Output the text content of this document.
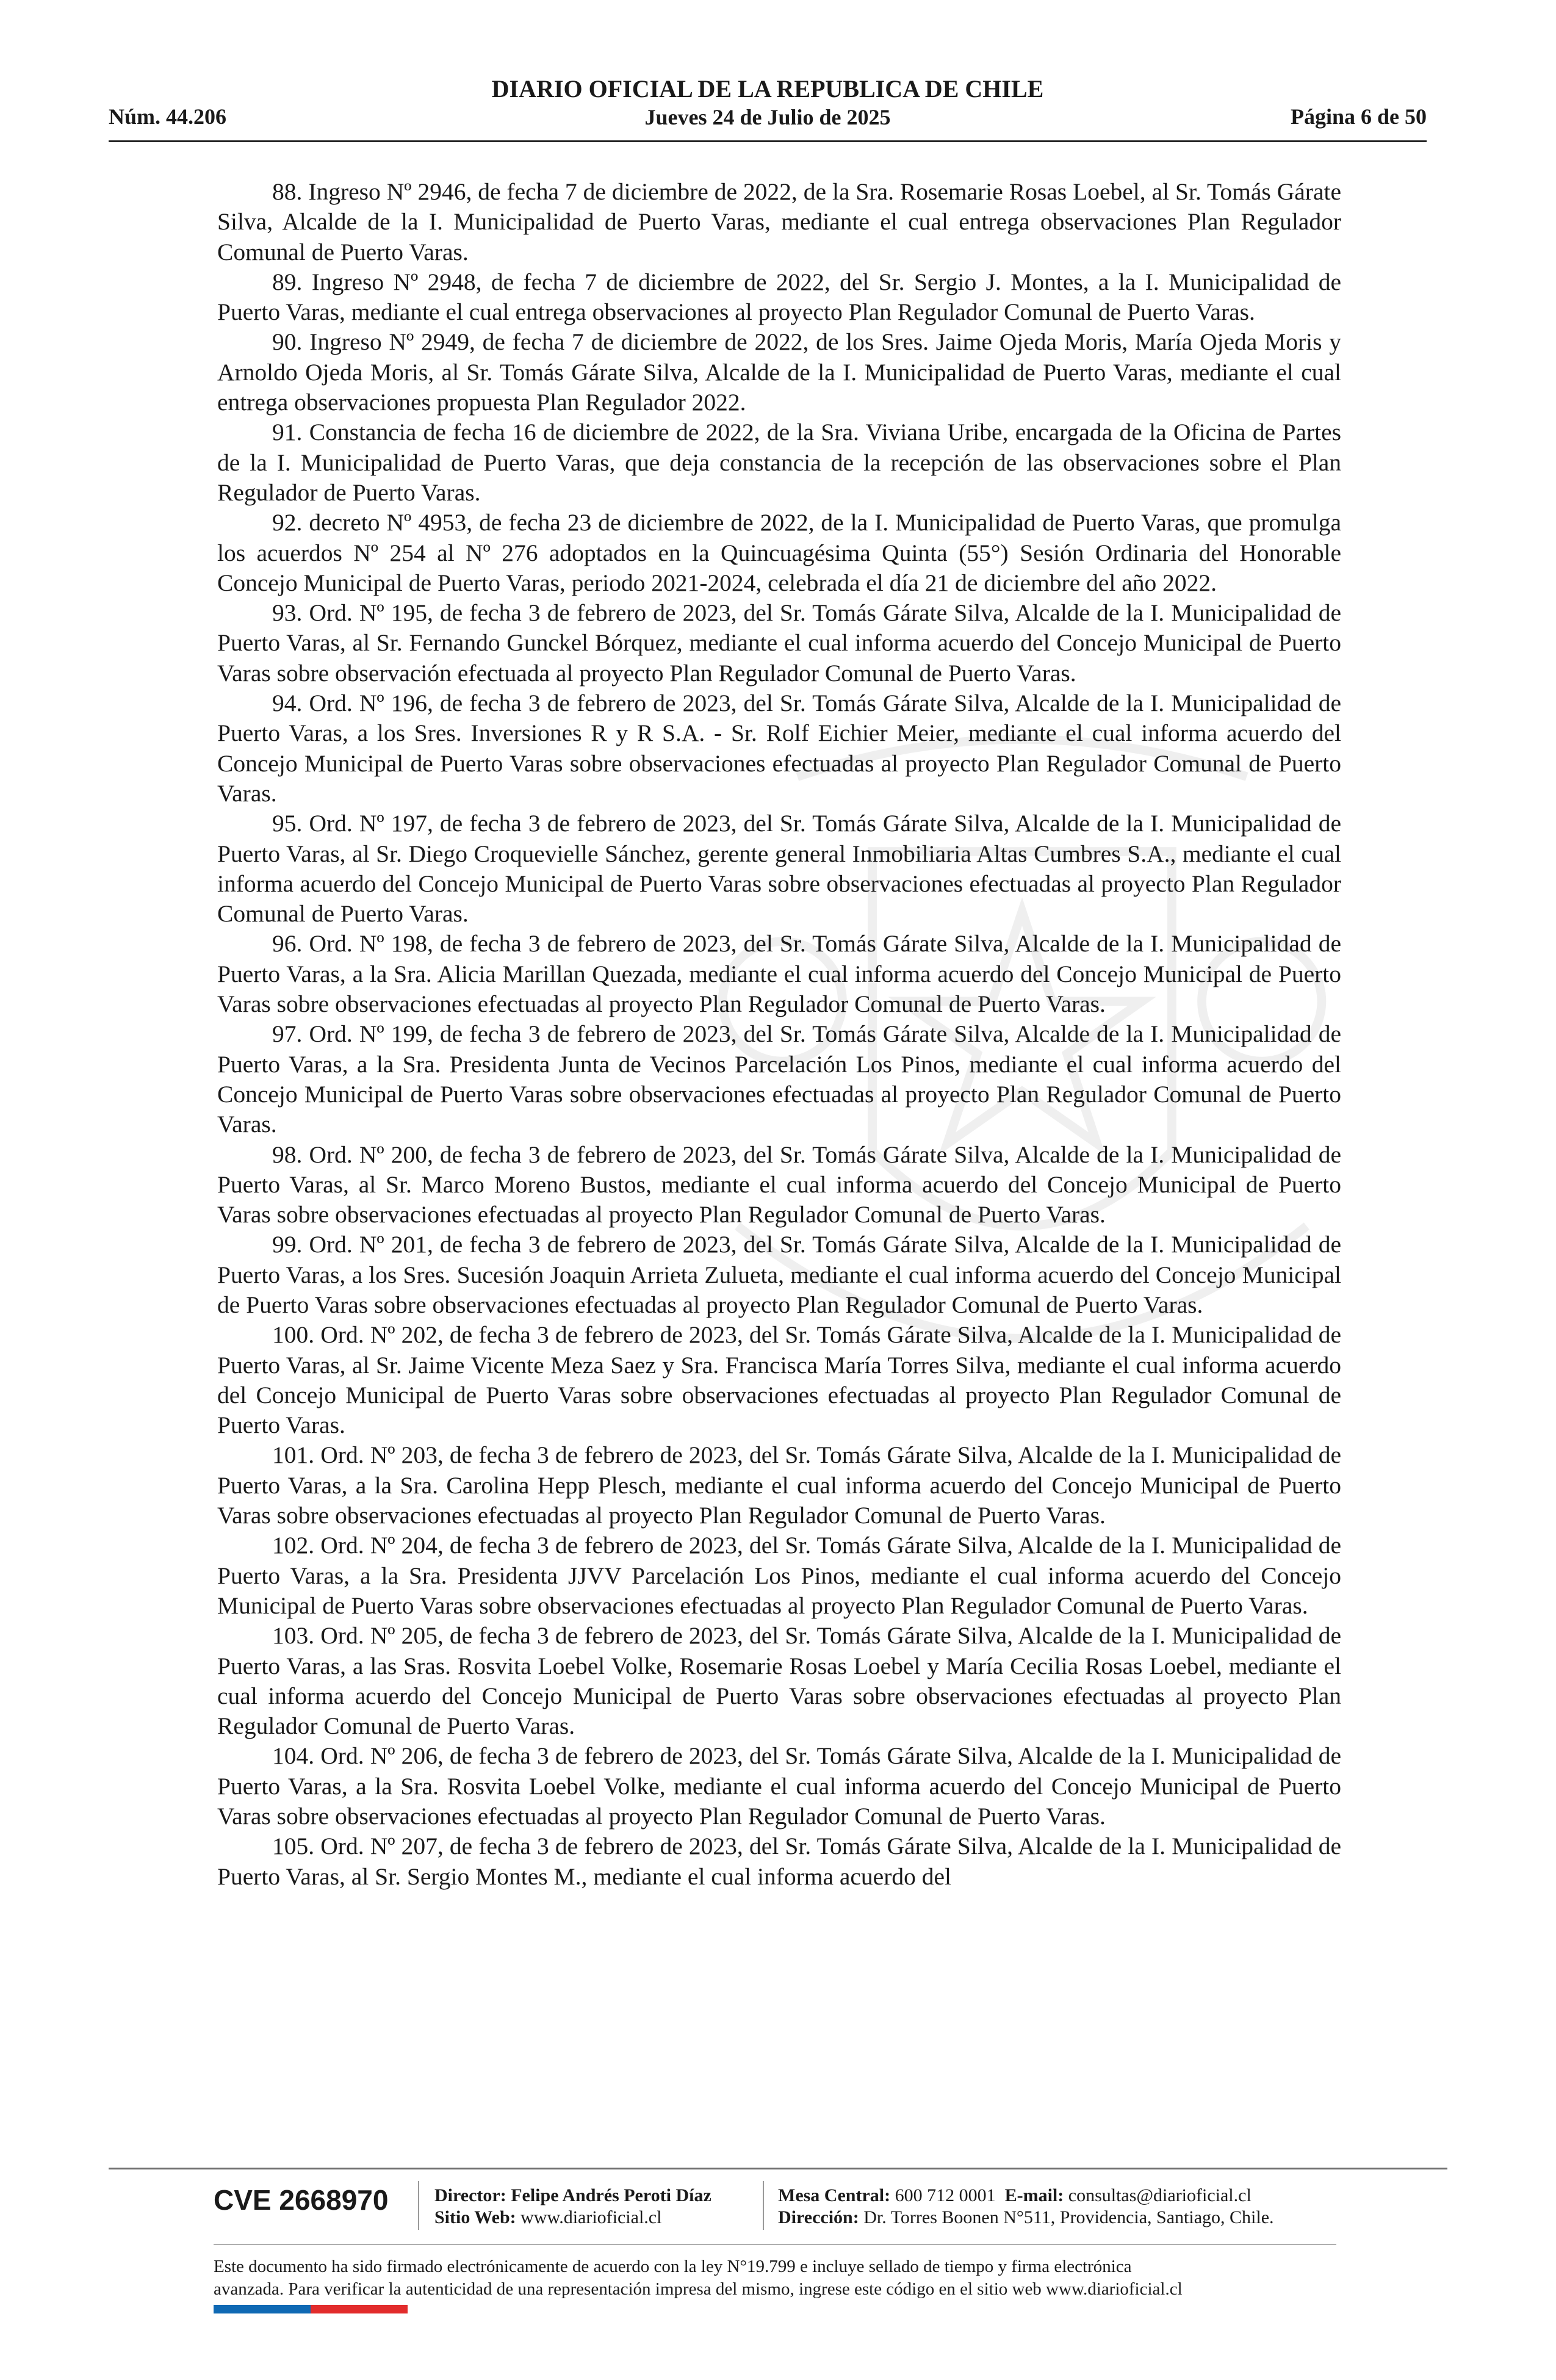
Núm. 44.206
DIARIO OFICIAL DE LA REPUBLICA DE CHILE
Jueves 24 de Julio de 2025	Página 6 de 50

88. Ingreso Nº 2946, de fecha 7 de diciembre de 2022, de la Sra. Rosemarie Rosas Loebel, al Sr. Tomás Gárate Silva, Alcalde de la I. Municipalidad de Puerto Varas, mediante el cual entrega observaciones Plan Regulador Comunal de Puerto Varas.

89. Ingreso Nº 2948, de fecha 7 de diciembre de 2022, del Sr. Sergio J. Montes, a la I. Municipalidad de Puerto Varas, mediante el cual entrega observaciones al proyecto Plan Regulador Comunal de Puerto Varas.

90. Ingreso Nº 2949, de fecha 7 de diciembre de 2022, de los Sres. Jaime Ojeda Moris, María Ojeda Moris y Arnoldo Ojeda Moris, al Sr. Tomás Gárate Silva, Alcalde de la I. Municipalidad de Puerto Varas, mediante el cual entrega observaciones propuesta Plan Regulador 2022.

91. Constancia de fecha 16 de diciembre de 2022, de la Sra. Viviana Uribe, encargada de la Oficina de Partes de la I. Municipalidad de Puerto Varas, que deja constancia de la recepción de las observaciones sobre el Plan Regulador de Puerto Varas.

92. decreto Nº 4953, de fecha 23 de diciembre de 2022, de la I. Municipalidad de Puerto Varas, que promulga los acuerdos Nº 254 al Nº 276 adoptados en la Quincuagésima Quinta (55°) Sesión Ordinaria del Honorable Concejo Municipal de Puerto Varas, periodo 2021-2024, celebrada el día 21 de diciembre del año 2022.

93. Ord. Nº 195, de fecha 3 de febrero de 2023, del Sr. Tomás Gárate Silva, Alcalde de la I. Municipalidad de Puerto Varas, al Sr. Fernando Gunckel Bórquez, mediante el cual informa acuerdo del Concejo Municipal de Puerto Varas sobre observación efectuada al proyecto Plan Regulador Comunal de Puerto Varas.

94. Ord. Nº 196, de fecha 3 de febrero de 2023, del Sr. Tomás Gárate Silva, Alcalde de la I. Municipalidad de Puerto Varas, a los Sres. Inversiones R y R S.A. - Sr. Rolf Eichier Meier, mediante el cual informa acuerdo del Concejo Municipal de Puerto Varas sobre observaciones efectuadas al proyecto Plan Regulador Comunal de Puerto Varas.

95. Ord. Nº 197, de fecha 3 de febrero de 2023, del Sr. Tomás Gárate Silva, Alcalde de la I. Municipalidad de Puerto Varas, al Sr. Diego Croquevielle Sánchez, gerente general Inmobiliaria Altas Cumbres S.A., mediante el cual informa acuerdo del Concejo Municipal de Puerto Varas sobre observaciones efectuadas al proyecto Plan Regulador Comunal de Puerto Varas.

96. Ord. Nº 198, de fecha 3 de febrero de 2023, del Sr. Tomás Gárate Silva, Alcalde de la I. Municipalidad de Puerto Varas, a la Sra. Alicia Marillan Quezada, mediante el cual informa acuerdo del Concejo Municipal de Puerto Varas sobre observaciones efectuadas al proyecto Plan Regulador Comunal de Puerto Varas.

97. Ord. Nº 199, de fecha 3 de febrero de 2023, del Sr. Tomás Gárate Silva, Alcalde de la I. Municipalidad de Puerto Varas, a la Sra. Presidenta Junta de Vecinos Parcelación Los Pinos, mediante el cual informa acuerdo del Concejo Municipal de Puerto Varas sobre observaciones efectuadas al proyecto Plan Regulador Comunal de Puerto Varas.

98. Ord. Nº 200, de fecha 3 de febrero de 2023, del Sr. Tomás Gárate Silva, Alcalde de la I. Municipalidad de Puerto Varas, al Sr. Marco Moreno Bustos, mediante el cual informa acuerdo del Concejo Municipal de Puerto Varas sobre observaciones efectuadas al proyecto Plan Regulador Comunal de Puerto Varas.

99. Ord. Nº 201, de fecha 3 de febrero de 2023, del Sr. Tomás Gárate Silva, Alcalde de la I. Municipalidad de Puerto Varas, a los Sres. Sucesión Joaquin Arrieta Zulueta, mediante el cual informa acuerdo del Concejo Municipal de Puerto Varas sobre observaciones efectuadas al proyecto Plan Regulador Comunal de Puerto Varas.

100. Ord. Nº 202, de fecha 3 de febrero de 2023, del Sr. Tomás Gárate Silva, Alcalde de la I. Municipalidad de Puerto Varas, al Sr. Jaime Vicente Meza Saez y Sra. Francisca María Torres Silva, mediante el cual informa acuerdo del Concejo Municipal de Puerto Varas sobre observaciones efectuadas al proyecto Plan Regulador Comunal de Puerto Varas.

101. Ord. Nº 203, de fecha 3 de febrero de 2023, del Sr. Tomás Gárate Silva, Alcalde de la I. Municipalidad de Puerto Varas, a la Sra. Carolina Hepp Plesch, mediante el cual informa acuerdo del Concejo Municipal de Puerto Varas sobre observaciones efectuadas al proyecto Plan Regulador Comunal de Puerto Varas.

102. Ord. Nº 204, de fecha 3 de febrero de 2023, del Sr. Tomás Gárate Silva, Alcalde de la I. Municipalidad de Puerto Varas, a la Sra. Presidenta JJVV Parcelación Los Pinos, mediante el cual informa acuerdo del Concejo Municipal de Puerto Varas sobre observaciones efectuadas al proyecto Plan Regulador Comunal de Puerto Varas.

103. Ord. Nº 205, de fecha 3 de febrero de 2023, del Sr. Tomás Gárate Silva, Alcalde de la I. Municipalidad de Puerto Varas, a las Sras. Rosvita Loebel Volke, Rosemarie Rosas Loebel y María Cecilia Rosas Loebel, mediante el cual informa acuerdo del Concejo Municipal de Puerto Varas sobre observaciones efectuadas al proyecto Plan Regulador Comunal de Puerto Varas.

104. Ord. Nº 206, de fecha 3 de febrero de 2023, del Sr. Tomás Gárate Silva, Alcalde de la I. Municipalidad de Puerto Varas, a la Sra. Rosvita Loebel Volke, mediante el cual informa acuerdo del Concejo Municipal de Puerto Varas sobre observaciones efectuadas al proyecto Plan Regulador Comunal de Puerto Varas.

105. Ord. Nº 207, de fecha 3 de febrero de 2023, del Sr. Tomás Gárate Silva, Alcalde de la I. Municipalidad de Puerto Varas, al Sr. Sergio Montes M., mediante el cual informa acuerdo del

CVE 2668970	Director: Felipe Andrés Peroti Díaz
Sitio Web: www.diarioficial.cl
Mesa Central: 600 712 0001 E-mail: consultas@diarioficial.cl
Dirección: Dr. Torres Boonen N°511, Providencia, Santiago, Chile.
Este documento ha sido firmado electrónicamente de acuerdo con la ley N°19.799 e incluye sellado de tiempo y firma electrónica
avanzada. Para verificar la autenticidad de una representación impresa del mismo, ingrese este código en el sitio web www.diarioficial.cl
